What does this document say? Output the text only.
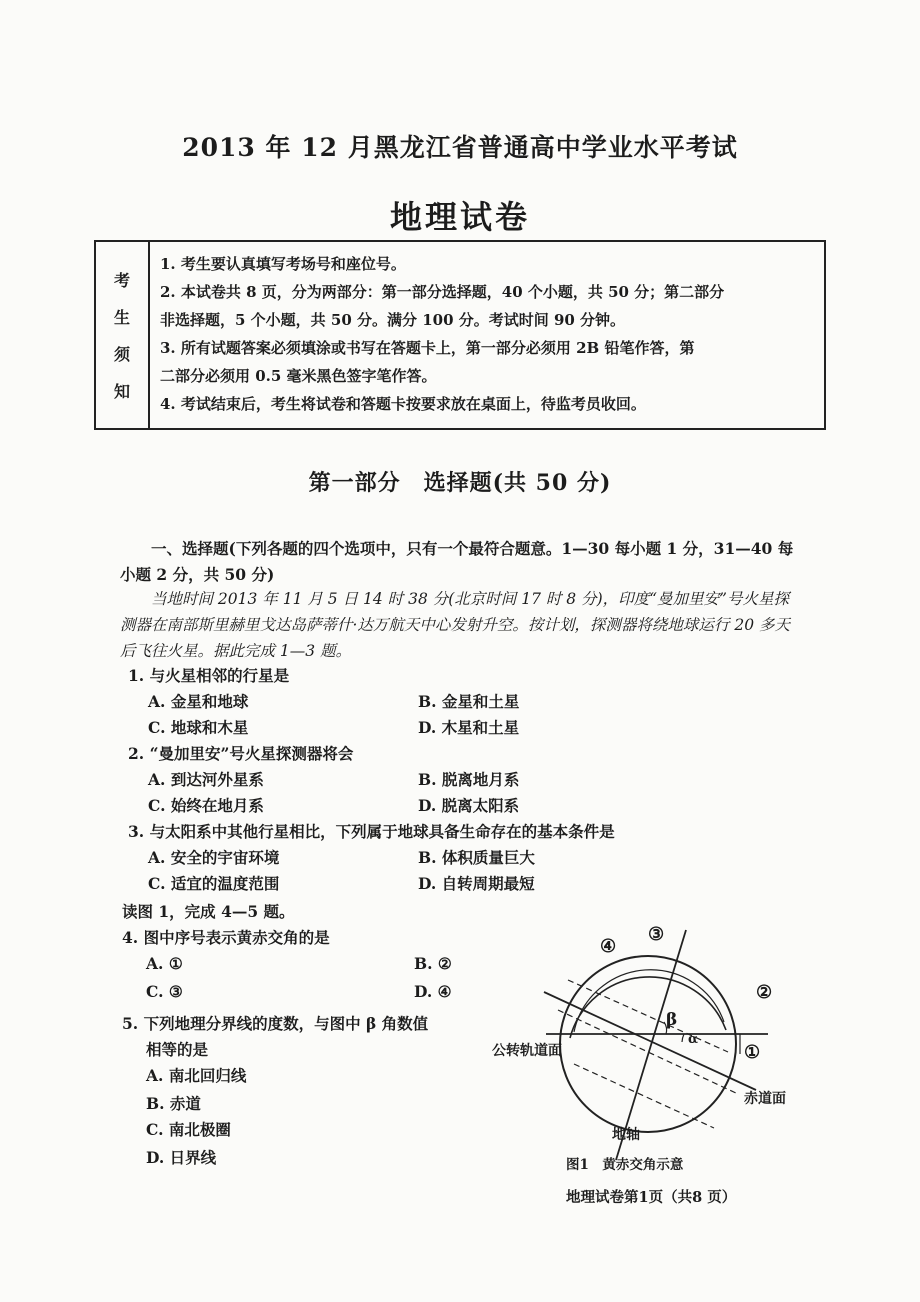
2013 年 12 月黑龙江省普通高中学业水平考试
地理试卷
考
生
须
知
1. 考生要认真填写考场号和座位号。
2. 本试卷共 8 页，分为两部分：第一部分选择题，40 个小题，共 50 分；第二部分
非选择题，5 个小题，共 50 分。满分 100 分。考试时间 90 分钟。
3. 所有试题答案必须填涂或书写在答题卡上，第一部分必须用 2B 铅笔作答，第
二部分必须用 0.5 毫米黑色签字笔作答。
4. 考试结束后，考生将试卷和答题卡按要求放在桌面上，待监考员收回。
第一部分　选择题(共 50 分)
一、选择题(下列各题的四个选项中，只有一个最符合题意。1—30 每小题 1 分，31—40 每小题 2 分，共 50 分)
当地时间 2013 年 11 月 5 日 14 时 38 分(北京时间 17 时 8 分)，印度“曼加里安”号火星探测器在南部斯里赫里戈达岛萨蒂什·达万航天中心发射升空。按计划，探测器将绕地球运行 20 多天后飞往火星。据此完成 1—3 题。
1. 与火星相邻的行星是
A. 金星和地球	B. 金星和土星
C. 地球和木星	D. 木星和土星
2. “曼加里安”号火星探测器将会
A. 到达河外星系	B. 脱离地月系
C. 始终在地月系	D. 脱离太阳系
3. 与太阳系中其他行星相比，下列属于地球具备生命存在的基本条件是
A. 安全的宇宙环境	B. 体积质量巨大
C. 适宜的温度范围	D. 自转周期最短
读图 1，完成 4—5 题。
4. 图中序号表示黄赤交角的是
A. ①	B. ②
C. ③	D. ④
5. 下列地理分界线的度数，与图中 β 角数值
相等的是
A. 南北回归线
B. 赤道
C. 南北极圈
D. 日界线
④
③
②
①
β
α
公转轨道面
赤道面
地轴
图1　黄赤交角示意
地理试卷第1页（共8 页）
